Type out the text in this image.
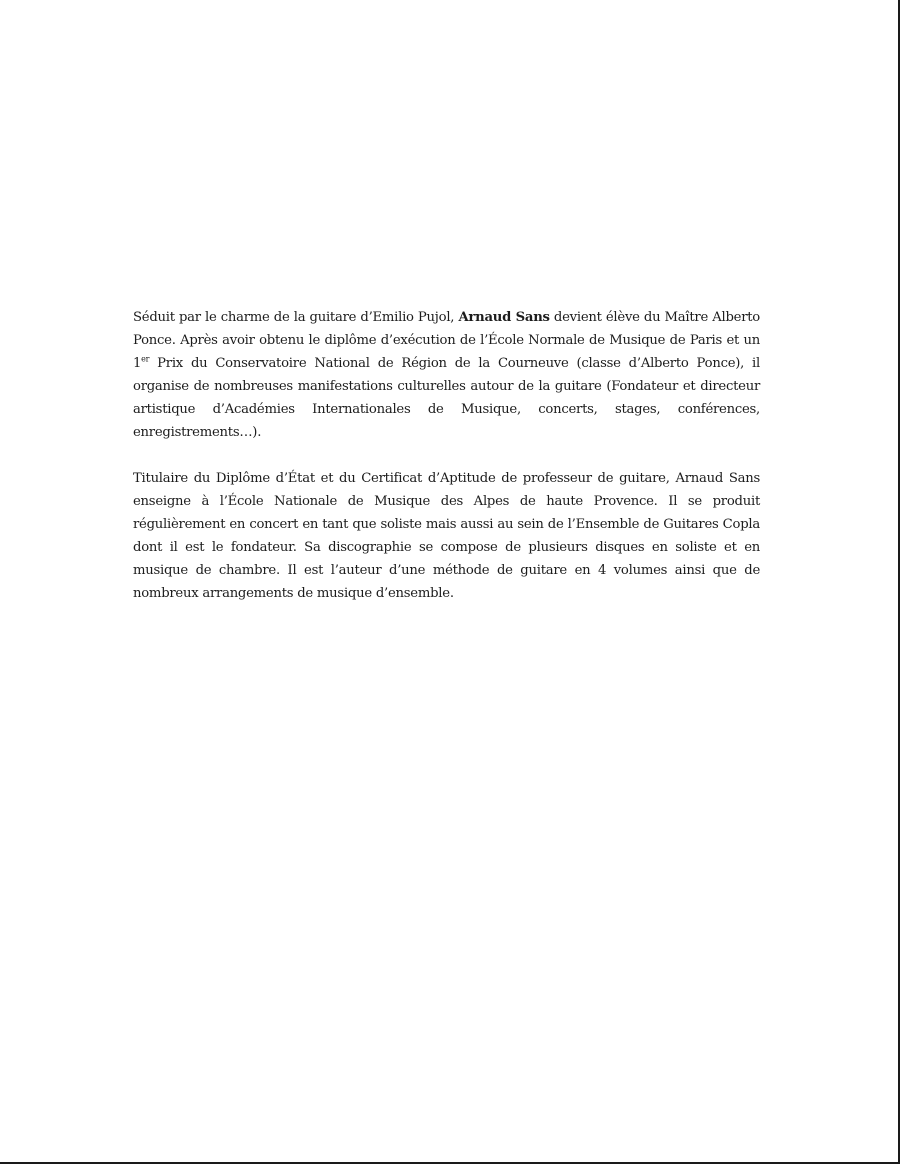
Séduit par le charme de la guitare d’Emilio Pujol, Arnaud Sans devient élève du Maître Alberto Ponce. Après avoir obtenu le diplôme d’exécution de l’École Normale de Musique de Paris et un 1er Prix du Conservatoire National de Région de la Courneuve (classe d’Alberto Ponce), il organise de nombreuses manifestations culturelles autour de la guitare (Fondateur et directeur artistique d’Académies Internationales de Musique, concerts, stages, conférences, enregistrements…).

Titulaire du Diplôme d’État et du Certificat d’Aptitude de professeur de guitare, Arnaud Sans enseigne à l’École Nationale de Musique des Alpes de haute Provence. Il se produit régulièrement en concert en tant que soliste mais aussi au sein de l’Ensemble de Guitares Copla dont il est le fondateur. Sa discographie se compose de plusieurs disques en soliste et en musique de chambre. Il est l’auteur d’une méthode de guitare en 4 volumes ainsi que de nombreux arrangements de musique d’ensemble.
